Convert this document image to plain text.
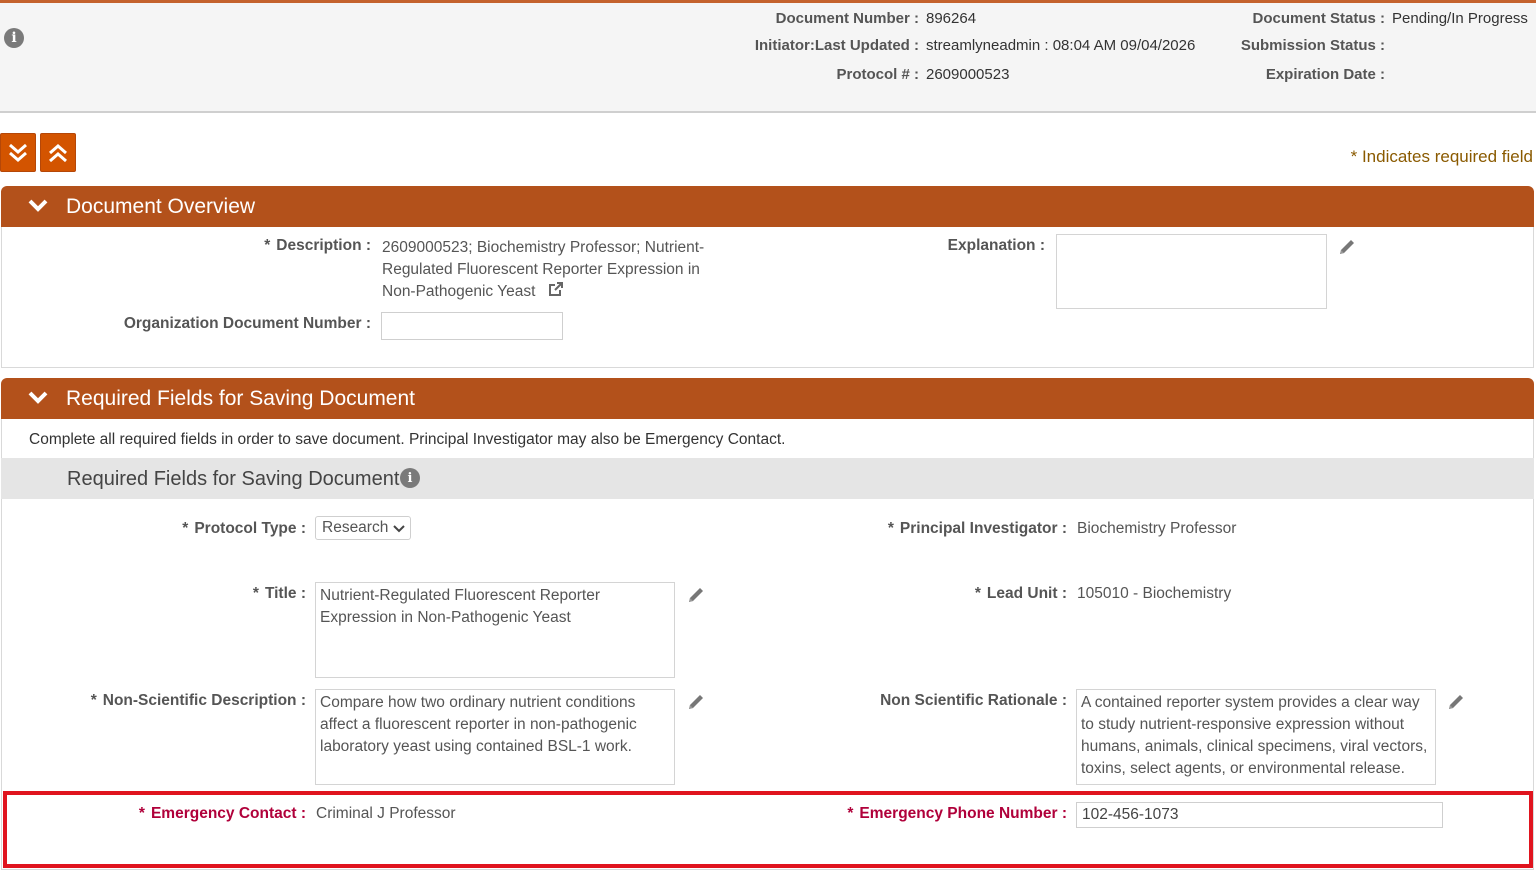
i
Document Number : 896264
Initiator:Last Updated : streamlyneadmin : 08:04 AM 09/04/2026
Protocol # : 2609000523
Document Status : Pending/In Progress
Submission Status :
Expiration Date :
* Indicates required field
Document Overview
* Description : 2609000523; Biochemistry Professor; Nutrient-
Regulated Fluorescent Reporter Expression in
Non-Pathogenic Yeast
Explanation :
Organization Document Number :
Required Fields for Saving Document
Complete all required fields in order to save document. Principal Investigator may also be Emergency Contact.
Required Fields for Saving Document i
* Protocol Type :	Research	* Principal Investigator : Biochemistry Professor
* Title : Nutrient-Regulated Fluorescent Reporter
Expression in Non-Pathogenic Yeast
* Lead Unit : 105010 - Biochemistry
* Non-Scientific Description : Compare how two ordinary nutrient conditions
affect a fluorescent reporter in non-pathogenic
laboratory yeast using contained BSL-1 work.
Non Scientific Rationale : A contained reporter system provides a clear way
to study nutrient-responsive expression without
humans, animals, clinical specimens, viral vectors,
toxins, select agents, or environmental release.
* Emergency Contact : Criminal J Professor	* Emergency Phone Number : 102-456-1073
